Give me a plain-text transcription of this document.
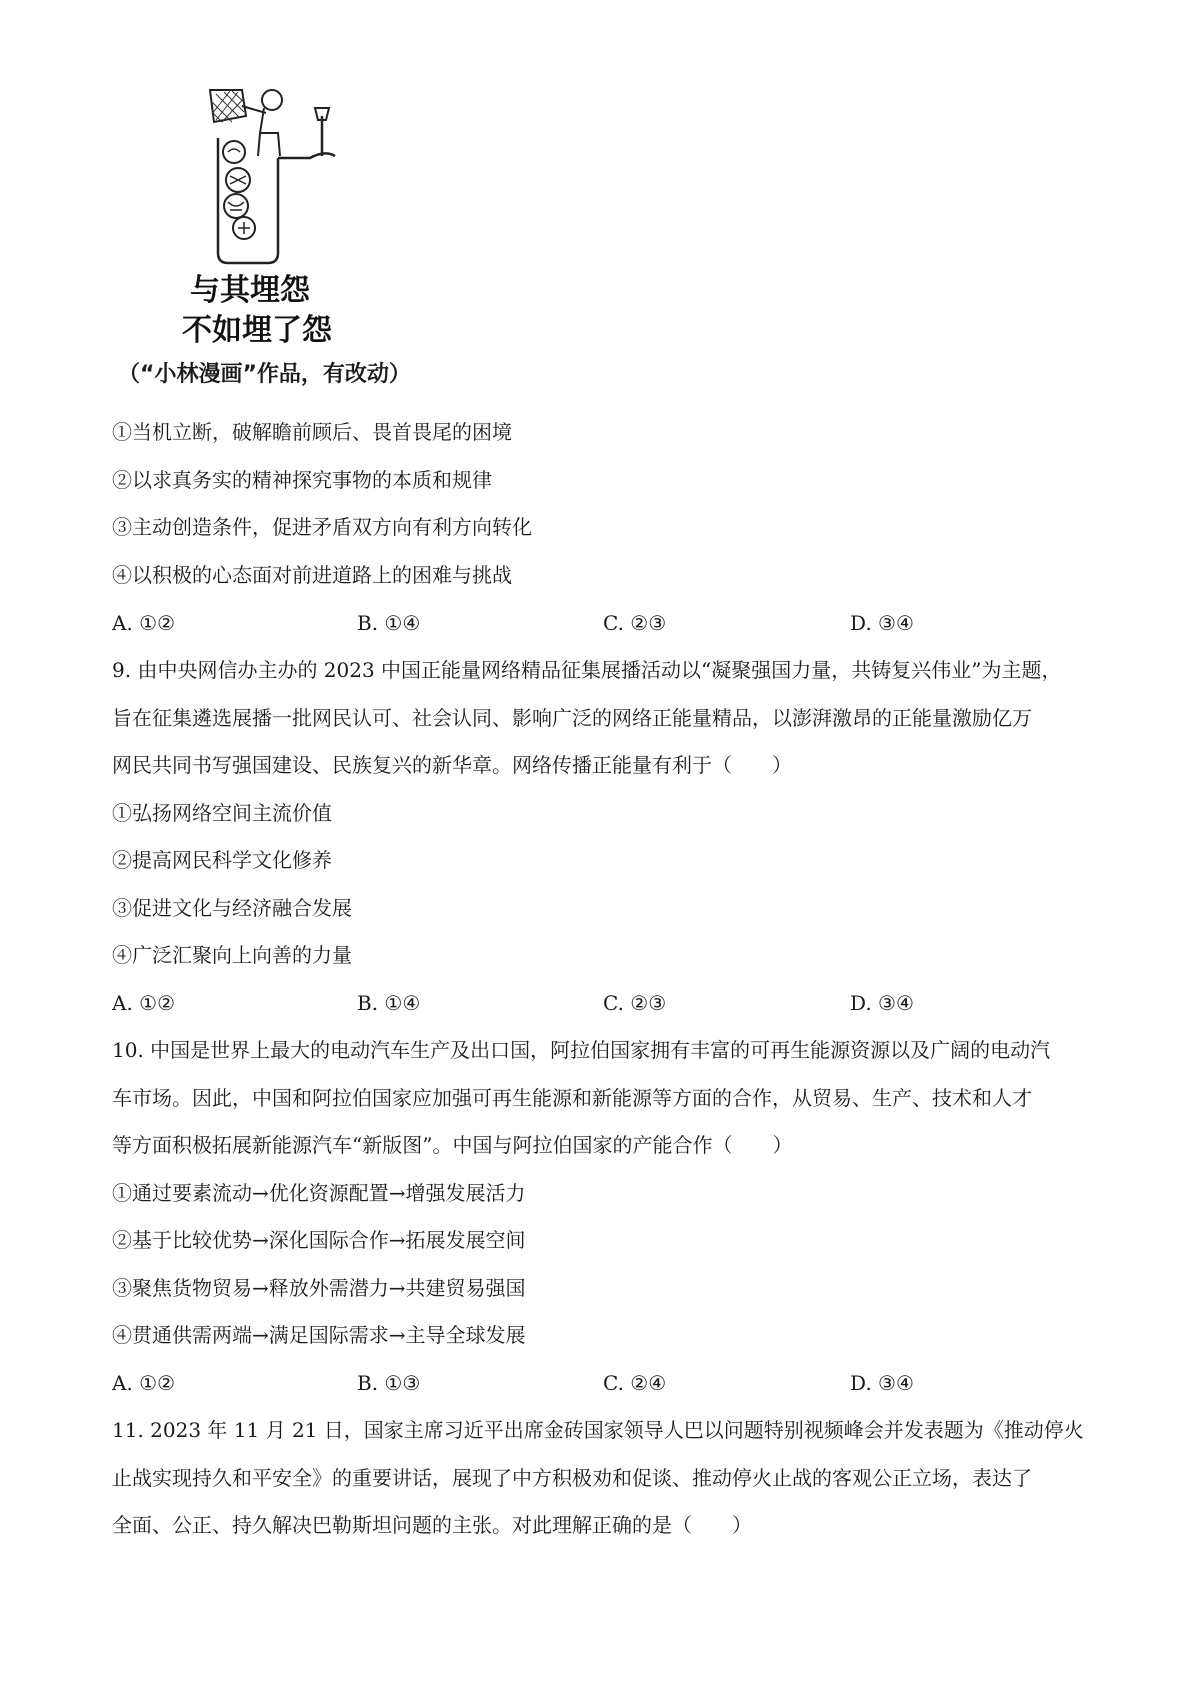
与其埋怨
不如埋了怨
（“小林漫画”作品，有改动）
①当机立断，破解瞻前顾后、畏首畏尾的困境
②以求真务实的精神探究事物的本质和规律
③主动创造条件，促进矛盾双方向有利方向转化
④以积极的心态面对前进道路上的困难与挑战
A. ①②	B. ①④	C. ②③	D. ③④
9. 由中央网信办主办的 2023 中国正能量网络精品征集展播活动以“凝聚强国力量，共铸复兴伟业”为主题，
旨在征集遴选展播一批网民认可、社会认同、影响广泛的网络正能量精品，以澎湃激昂的正能量激励亿万
网民共同书写强国建设、民族复兴的新华章。网络传播正能量有利于（　　）
①弘扬网络空间主流价值
②提高网民科学文化修养
③促进文化与经济融合发展
④广泛汇聚向上向善的力量
A. ①②	B. ①④	C. ②③	D. ③④
10. 中国是世界上最大的电动汽车生产及出口国，阿拉伯国家拥有丰富的可再生能源资源以及广阔的电动汽
车市场。因此，中国和阿拉伯国家应加强可再生能源和新能源等方面的合作，从贸易、生产、技术和人才
等方面积极拓展新能源汽车“新版图”。中国与阿拉伯国家的产能合作（　　）
①通过要素流动→优化资源配置→增强发展活力
②基于比较优势→深化国际合作→拓展发展空间
③聚焦货物贸易→释放外需潜力→共建贸易强国
④贯通供需两端→满足国际需求→主导全球发展
A. ①②	B. ①③	C. ②④	D. ③④
11. 2023 年 11 月 21 日，国家主席习近平出席金砖国家领导人巴以问题特别视频峰会并发表题为《推动停火
止战实现持久和平安全》的重要讲话，展现了中方积极劝和促谈、推动停火止战的客观公正立场，表达了
全面、公正、持久解决巴勒斯坦问题的主张。对此理解正确的是（　　）
